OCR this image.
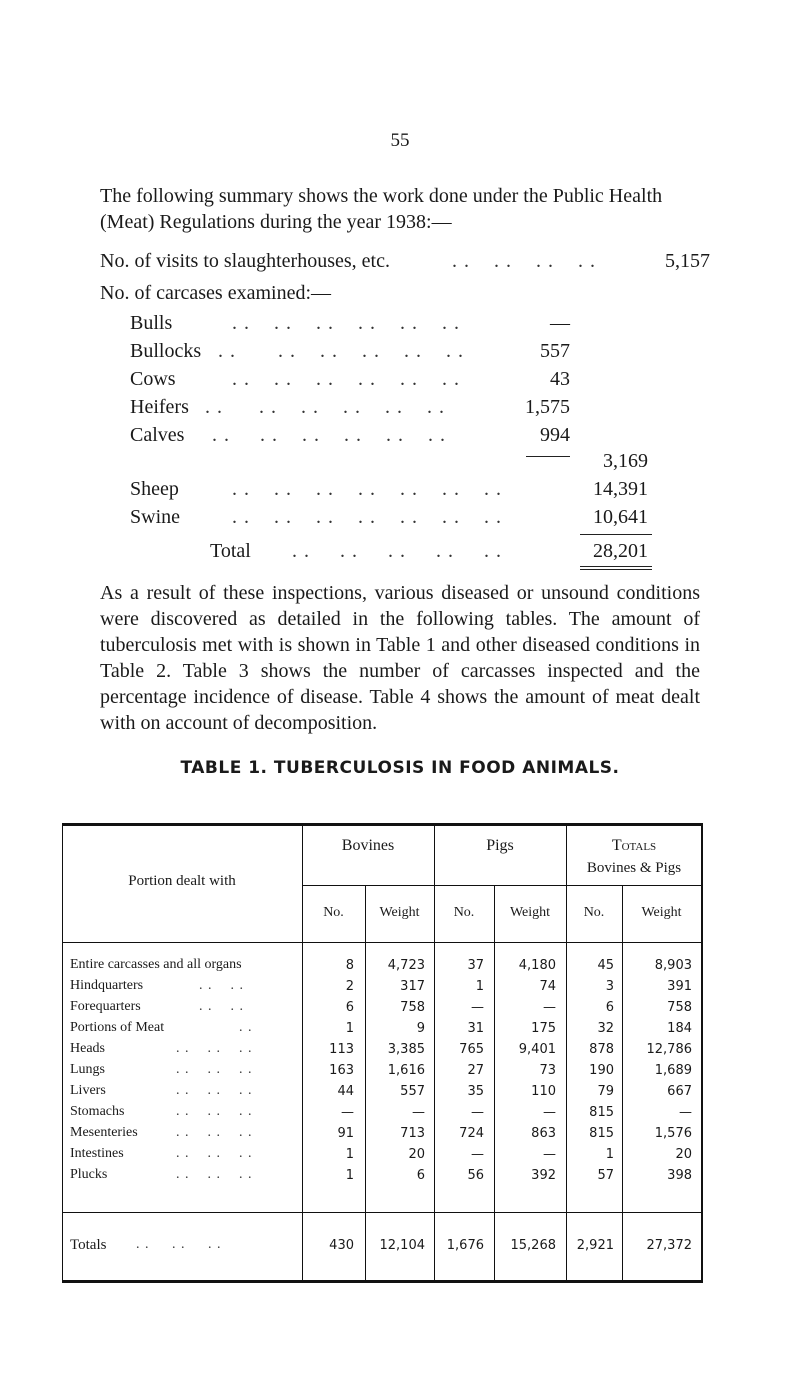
55
The following summary shows the work done under the Public Health (Meat) Regulations during the year 1938:—
No. of visits to slaughterhouses, etc.	. .    . .    . .    . .	5,157
No. of carcases examined:—
Bulls	. .    . .    . .    . .    . .    . .	—
Bullocks . .       . .    . .    . .    . .    . .	557
Cows	. .    . .    . .    . .    . .    . .	43
Heifers . .      . .    . .    . .    . .    . .	1,575
Calves . .     . .    . .    . .    . .    . .	994
3,169
Sheep	. .    . .    . .    . .    . .    . .    . .	14,391
Swine	. .    . .    . .    . .    . .    . .    . .	10,641
Total . .     . .     . .     . .     . .	28,201
As a result of these inspections, various diseased or unsound conditions were discovered as detailed in the following tables. The amount of tuberculosis met with is shown in Table 1 and other diseased conditions in Table 2. Table 3 shows the number of carcasses inspected and the percentage incidence of disease. Table 4 shows the amount of meat dealt with on account of decomposition.
TABLE 1. TUBERCULOSIS IN FOOD ANIMALS.
Portion dealt with
Bovines	Pigs	Totals
Bovines & Pigs
No.	Weight	No.	Weight	No.	Weight
Entire carcasses and all organs	8	4,723	37	4,180	45	8,903
Hindquarters	. .    . .	2	317	1	74	3	391
Forequarters	. .    . .	6	758	—	—	6	758
Portions of Meat	. .	1	9	31	175	32	184
Heads	. .    . .    . .	113	3,385	765	9,401	878	12,786
Lungs	. .    . .    . .	163	1,616	27	73	190	1,689
Livers	. .    . .    . .	44	557	35	110	79	667
Stomachs	. .    . .    . .	—	—	—	—	815	—
Mesenteries	. .    . .    . .	91	713	724	863	815	1,576
Intestines	. .    . .    . .	1	20	—	—	1	20
Plucks	. .    . .    . .	1	6	56	392	57	398
Totals . .     . .     . .	430	12,104	1,676	15,268	2,921	27,372
